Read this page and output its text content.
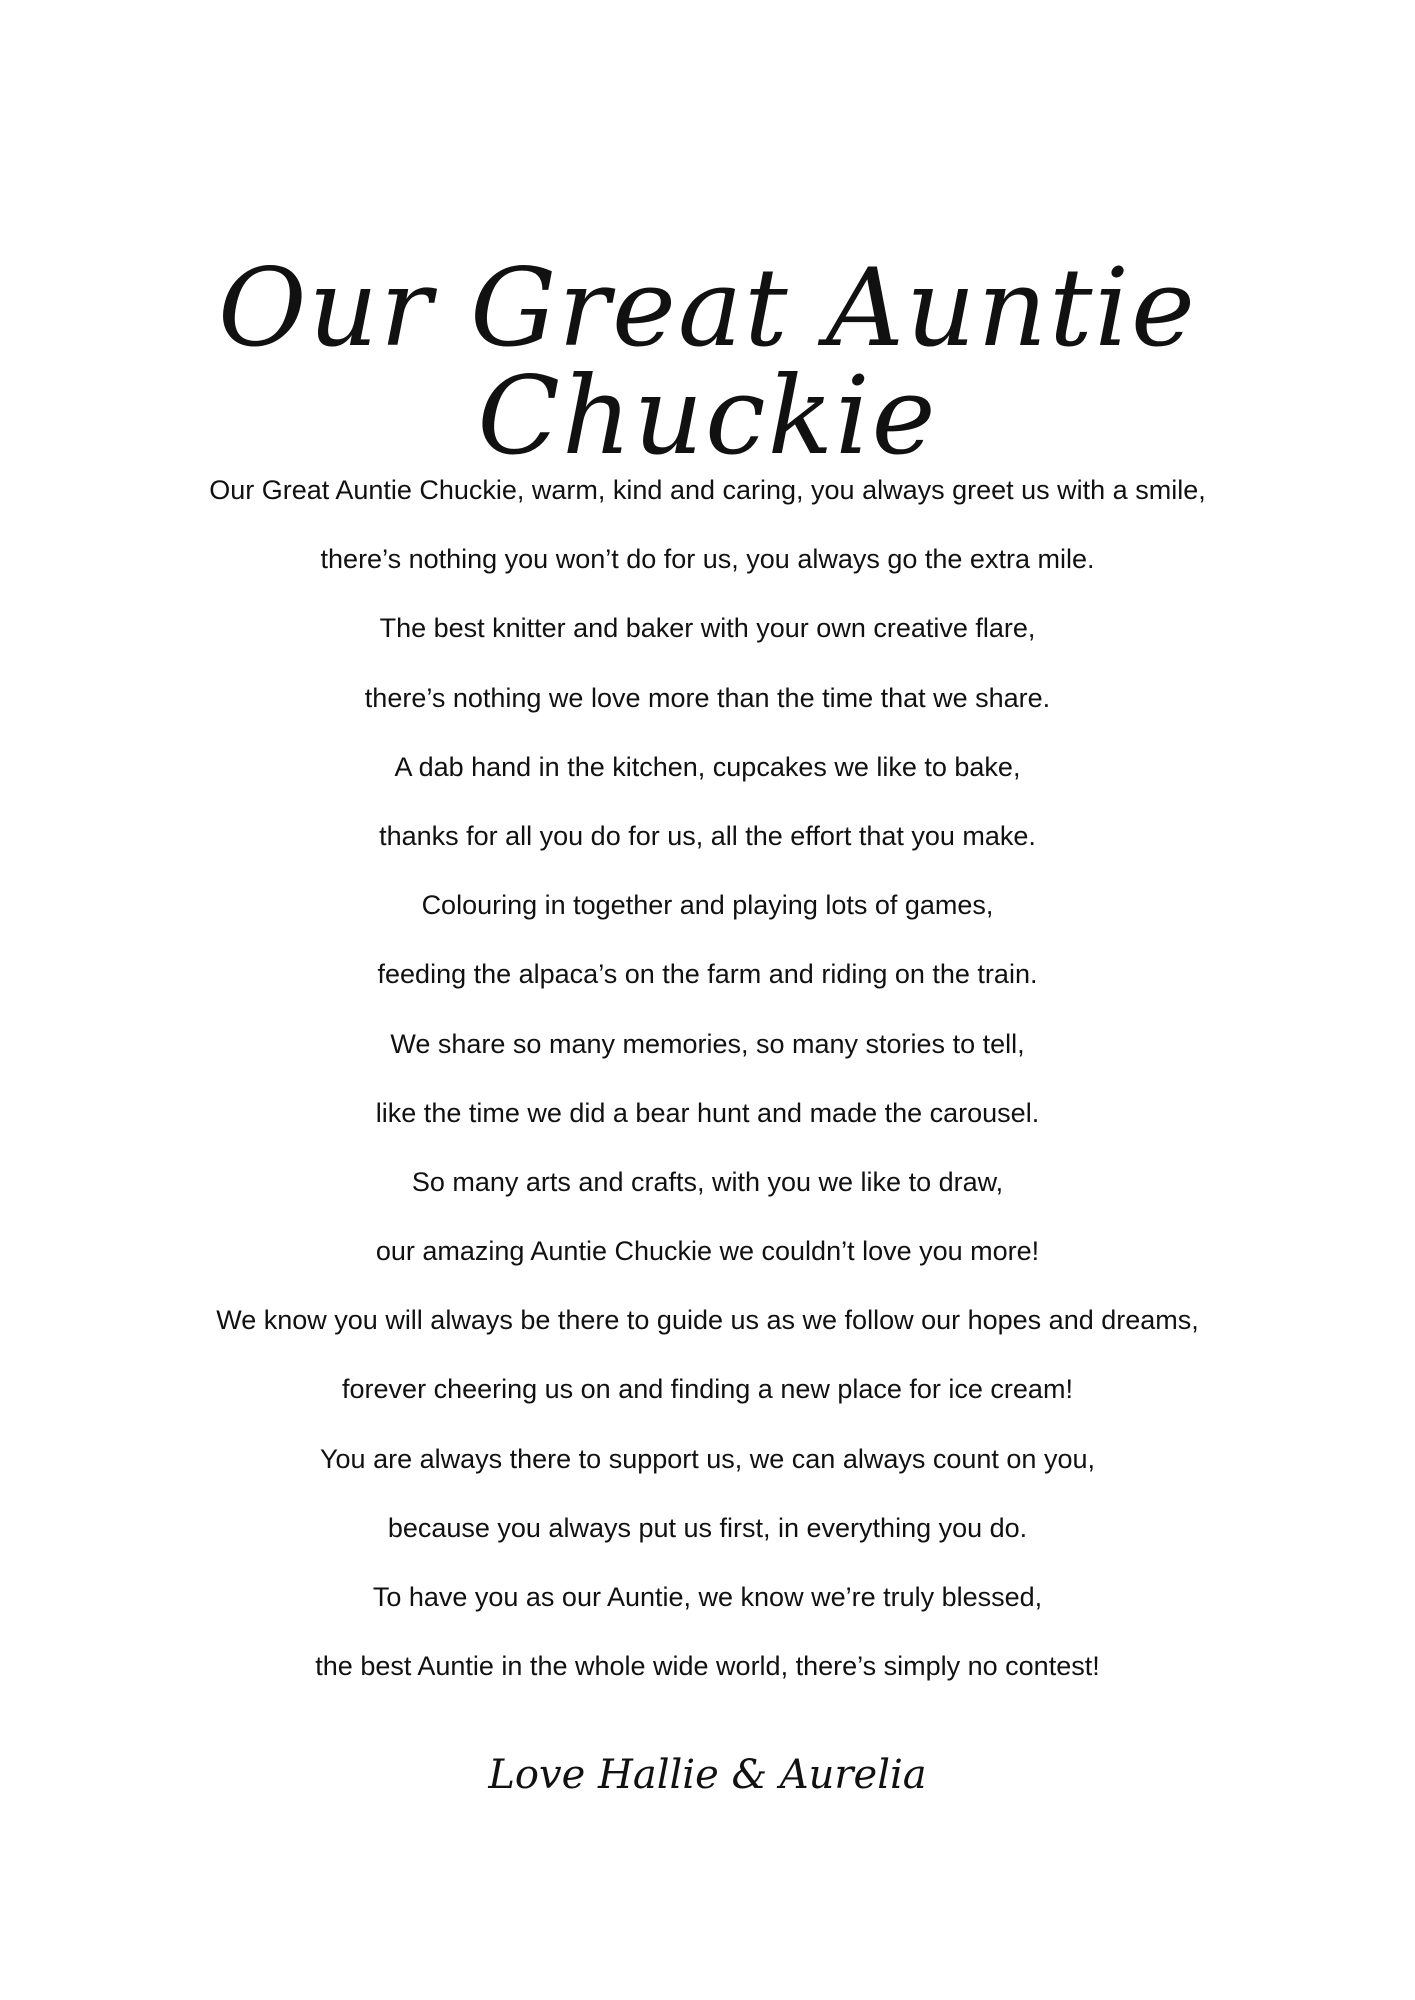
Our Great Auntie Chuckie
Our Great Auntie Chuckie, warm, kind and caring, you always greet us with a smile,
there’s nothing you won’t do for us, you always go the extra mile.
The best knitter and baker with your own creative flare,
there’s nothing we love more than the time that we share.
A dab hand in the kitchen, cupcakes we like to bake,
thanks for all you do for us, all the effort that you make.
Colouring in together and playing lots of games,
feeding the alpaca’s on the farm and riding on the train.
We share so many memories, so many stories to tell,
like the time we did a bear hunt and made the carousel.
So many arts and crafts, with you we like to draw,
our amazing Auntie Chuckie we couldn’t love you more!
We know you will always be there to guide us as we follow our hopes and dreams,
forever cheering us on and finding a new place for ice cream!
You are always there to support us, we can always count on you,
because you always put us first, in everything you do.
To have you as our Auntie, we know we’re truly blessed,
the best Auntie in the whole wide world, there’s simply no contest!
Love Hallie & Aurelia
